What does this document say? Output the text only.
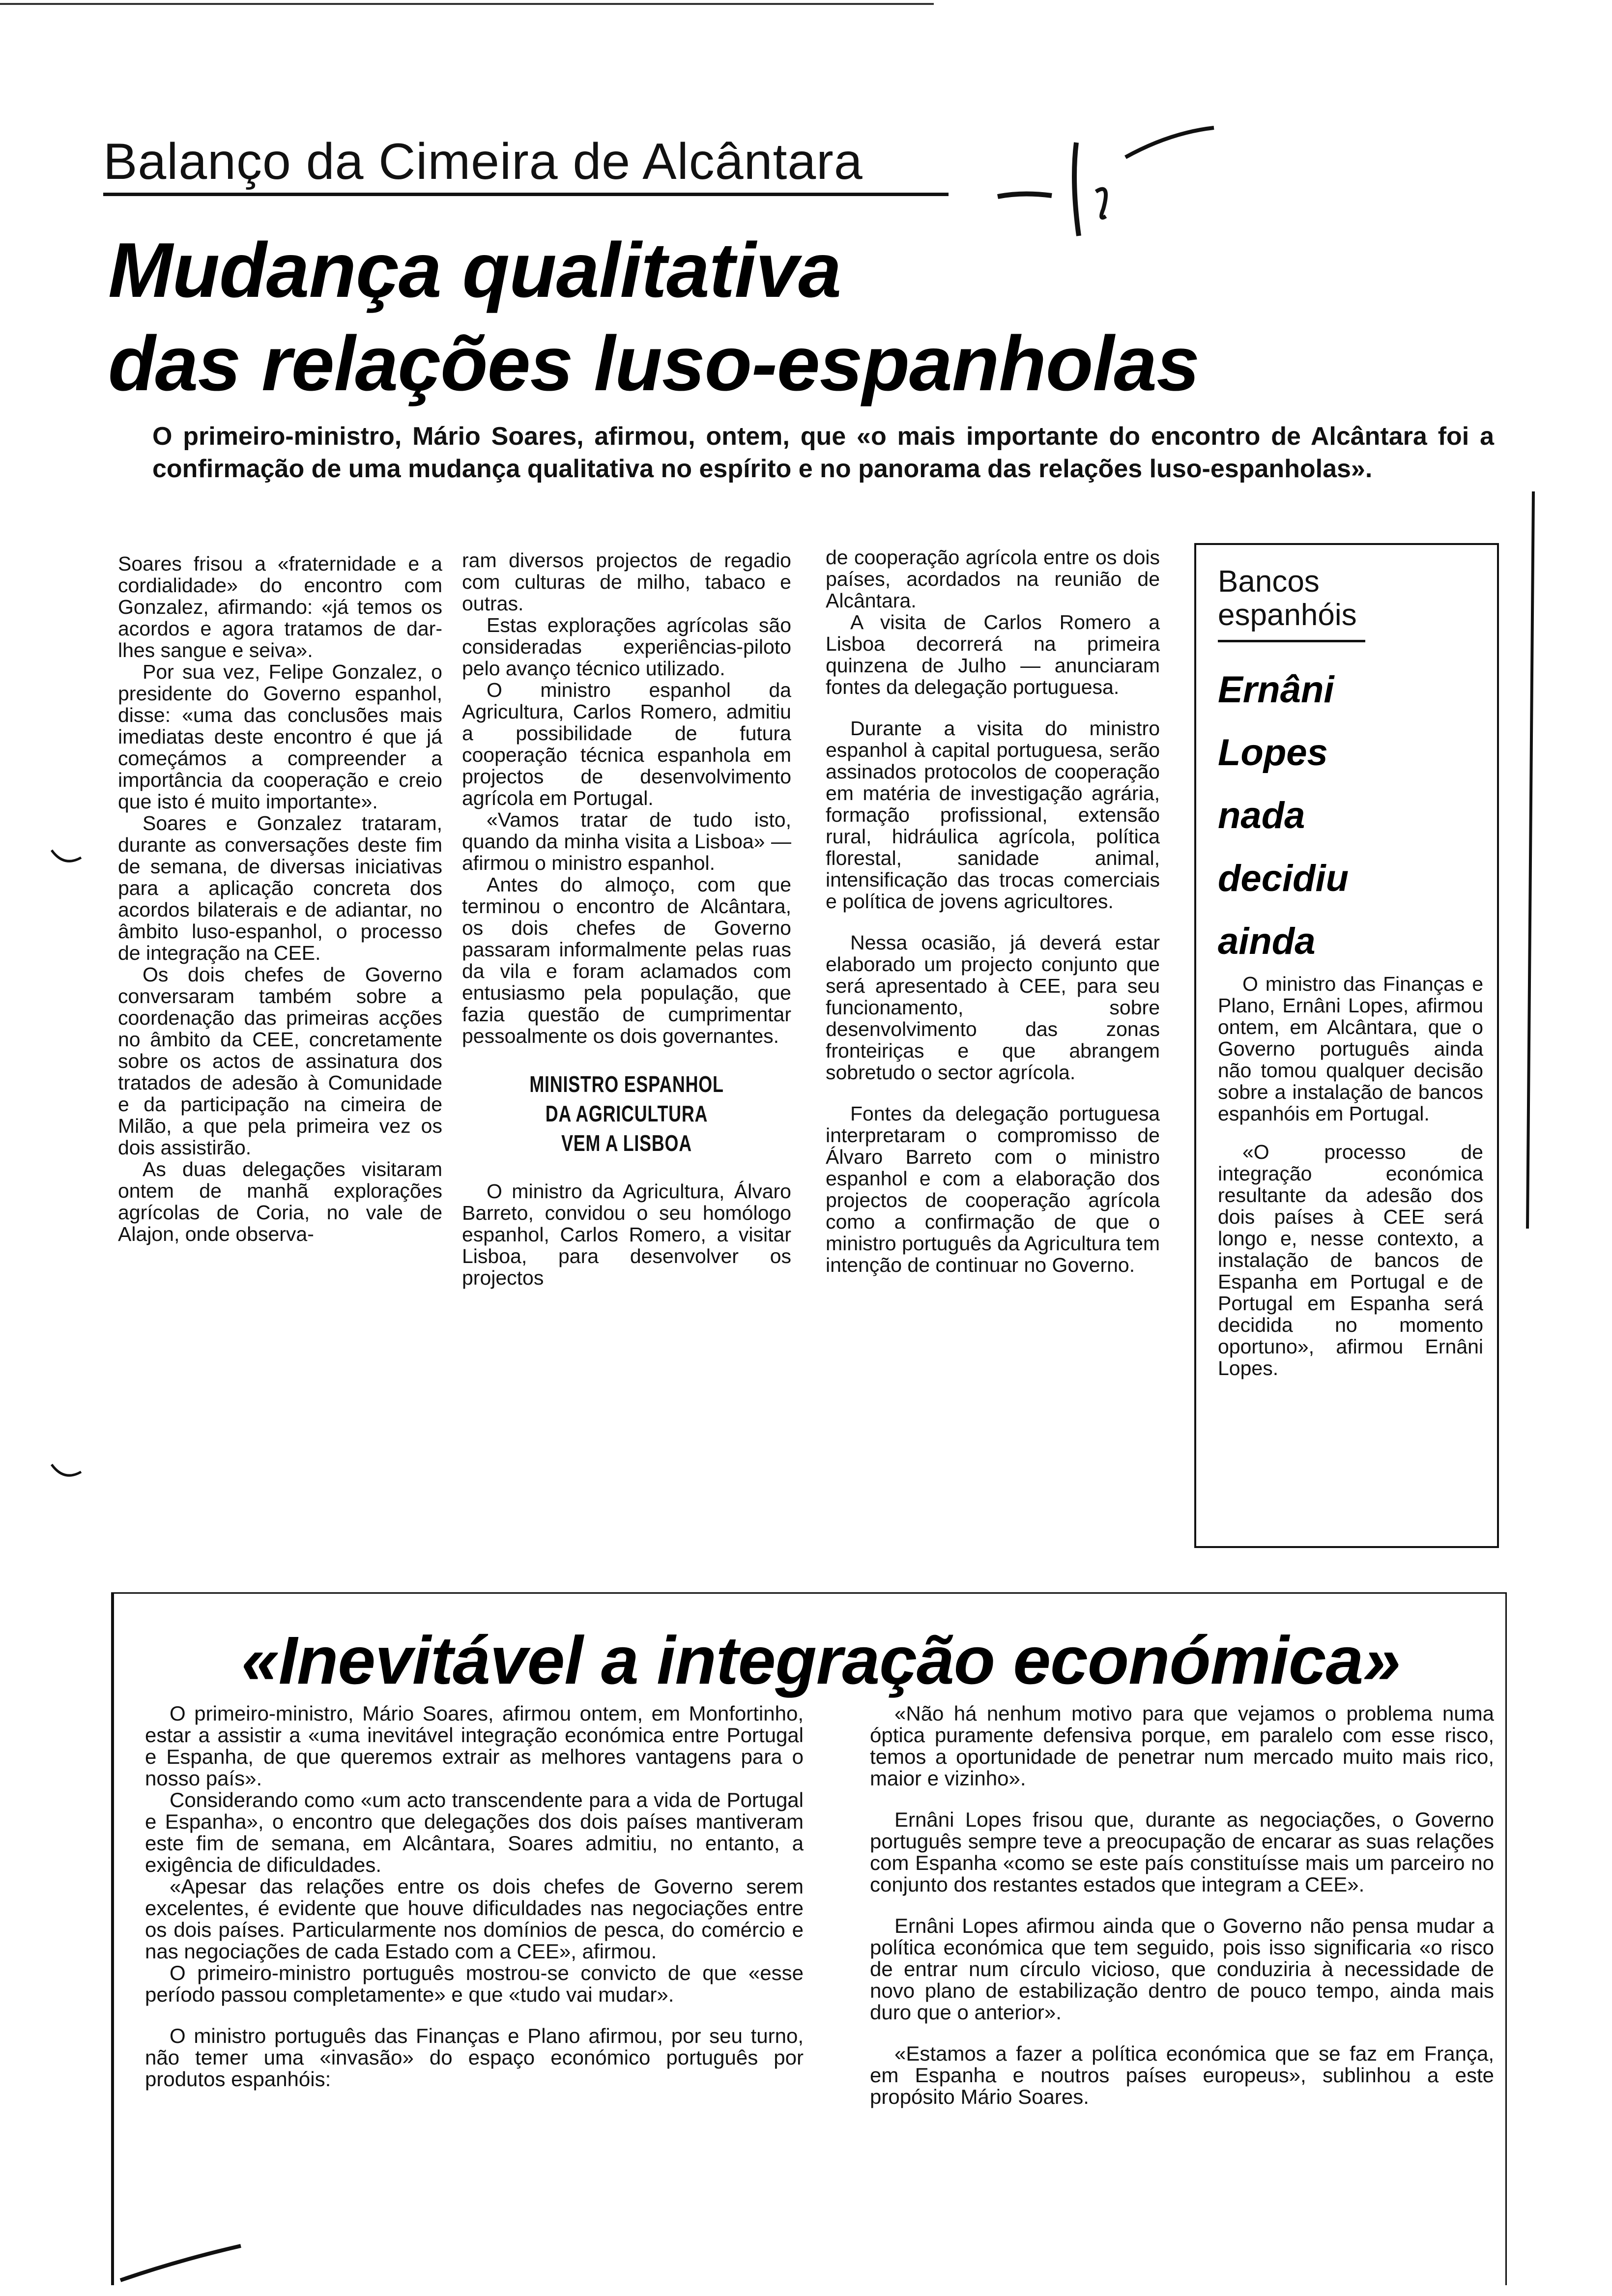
Balanço da Cimeira de Alcântara
Mudança qualitativa
das relações luso-espanholas
O primeiro-ministro, Mário Soares, afirmou, ontem, que «o mais importante do encontro de Alcântara foi a confirmação de uma mudança qualitativa no espírito e no panorama das relações luso-espanholas».

Soares frisou a «fraternidade e a cordialidade» do encontro com Gonzalez, afirmando: «já temos os acordos e agora tratamos de dar-lhes sangue e seiva».

Por sua vez, Felipe Gonzalez, o presidente do Governo espanhol, disse: «uma das conclusões mais imediatas deste encontro é que já começámos a compreender a importância da cooperação e creio que isto é muito importante».

Soares e Gonzalez trataram, durante as conversações deste fim de semana, de diversas iniciativas para a aplicação concreta dos acordos bilaterais e de adiantar, no âmbito luso-espanhol, o processo de integração na CEE.

Os dois chefes de Governo conversaram também sobre a coordenação das primeiras acções no âmbito da CEE, concretamente sobre os actos de assinatura dos tratados de adesão à Comunidade e da participação na cimeira de Milão, a que pela primeira vez os dois assistirão.

As duas delegações visitaram ontem de manhã explorações agrícolas de Coria, no vale de Alajon, onde observa-

ram diversos projectos de regadio com culturas de milho, tabaco e outras.

Estas explorações agrícolas são consideradas experiências-piloto pelo avanço técnico utilizado.

O ministro espanhol da Agricultura, Carlos Romero, admitiu a possibilidade de futura cooperação técnica espanhola em projectos de desenvolvimento agrícola em Portugal.

«Vamos tratar de tudo isto, quando da minha visita a Lisboa» — afirmou o ministro espanhol.

Antes do almoço, com que terminou o encontro de Alcântara, os dois chefes de Governo passaram informalmente pelas ruas da vila e foram aclamados com entusiasmo pela população, que fazia questão de cumprimentar pessoalmente os dois governantes.

MINISTRO ESPANHOL
DA AGRICULTURA
VEM A LISBOA

O ministro da Agricultura, Álvaro Barreto, convidou o seu homólogo espanhol, Carlos Romero, a visitar Lisboa, para desenvolver os projectos

de cooperação agrícola entre os dois países, acordados na reunião de Alcântara.

A visita de Carlos Romero a Lisboa decorrerá na primeira quinzena de Julho — anunciaram fontes da delegação portuguesa.

Durante a visita do ministro espanhol à capital portuguesa, serão assinados protocolos de cooperação em matéria de investigação agrária, formação profissional, extensão rural, hidráulica agrícola, política florestal, sanidade animal, intensificação das trocas comerciais e política de jovens agricultores.

Nessa ocasião, já deverá estar elaborado um projecto conjunto que será apresentado à CEE, para seu funcionamento, sobre desenvolvimento das zonas fronteiriças e que abrangem sobretudo o sector agrícola.

Fontes da delegação portuguesa interpretaram o compromisso de Álvaro Barreto com o ministro espanhol e com a elaboração dos projectos de cooperação agrícola como a confirmação de que o ministro português da Agricultura tem intenção de continuar no Governo.

Bancos
espanhóis
Ernâni
Lopes
nada
decidiu
ainda

O ministro das Finanças e Plano, Ernâni Lopes, afirmou ontem, em Alcântara, que o Governo português ainda não tomou qualquer decisão sobre a instalação de bancos espanhóis em Portugal.

«O processo de integração económica resultante da adesão dos dois países à CEE será longo e, nesse contexto, a instalação de bancos de Espanha em Portugal e de Portugal em Espanha será decidida no momento oportuno», afirmou Ernâni Lopes.

«Inevitável a integração económica»

O primeiro-ministro, Mário Soares, afirmou ontem, em Monfortinho, estar a assistir a «uma inevitável integração económica entre Portugal e Espanha, de que queremos extrair as melhores vantagens para o nosso país».

Considerando como «um acto transcendente para a vida de Portugal e Espanha», o encontro que delegações dos dois países mantiveram este fim de semana, em Alcântara, Soares admitiu, no entanto, a exigência de dificuldades.

«Apesar das relações entre os dois chefes de Governo serem excelentes, é evidente que houve dificuldades nas negociações entre os dois países. Particularmente nos domínios de pesca, do comércio e nas negociações de cada Estado com a CEE», afirmou.

O primeiro-ministro português mostrou-se convicto de que «esse período passou completamente» e que «tudo vai mudar».

O ministro português das Finanças e Plano afirmou, por seu turno, não temer uma «invasão» do espaço económico português por produtos espanhóis:

«Não há nenhum motivo para que vejamos o problema numa óptica puramente defensiva porque, em paralelo com esse risco, temos a oportunidade de penetrar num mercado muito mais rico, maior e vizinho».

Ernâni Lopes frisou que, durante as negociações, o Governo português sempre teve a preocupação de encarar as suas relações com Espanha «como se este país constituísse mais um parceiro no conjunto dos restantes estados que integram a CEE».

Ernâni Lopes afirmou ainda que o Governo não pensa mudar a política económica que tem seguido, pois isso significaria «o risco de entrar num círculo vicioso, que conduziria à necessidade de novo plano de estabilização dentro de pouco tempo, ainda mais duro que o anterior».

«Estamos a fazer a política económica que se faz em França, em Espanha e noutros países europeus», sublinhou a este propósito Mário Soares.
